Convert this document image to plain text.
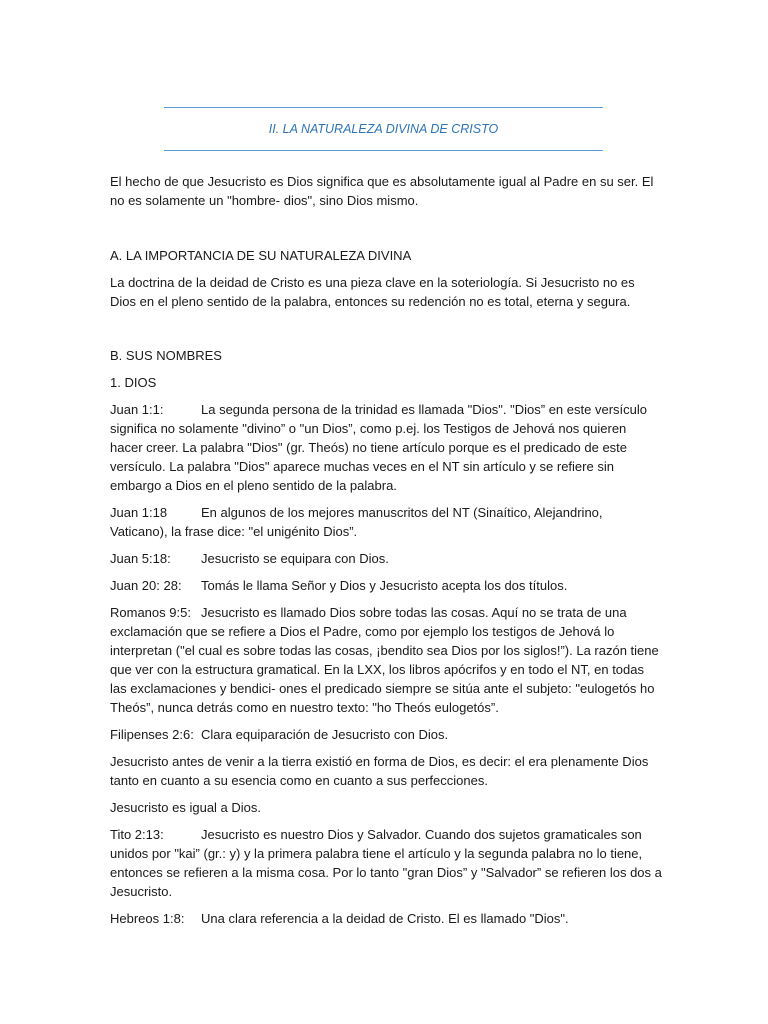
II. LA NATURALEZA DIVINA DE CRISTO

El hecho de que Jesucristo es Dios significa que es absolutamente igual al Padre en su ser. El no es solamente un "hombre- dios", sino Dios mismo.

A. LA IMPORTANCIA DE SU NATURALEZA DIVINA

La doctrina de la deidad de Cristo es una pieza clave en la soteriología. Si Jesucristo no es Dios en el pleno sentido de la palabra, entonces su redención no es total, eterna y segura.

B. SUS NOMBRES

1. DIOS

Juan 1:1:	La segunda persona de la trinidad es llamada "Dios". "Dios” en este versículo significa no solamente "divino” o "un Dios”, como p.ej. los Testigos de Jehová nos quieren hacer creer. La palabra "Dios" (gr. Theós) no tiene artículo porque es el predicado de este versículo. La palabra "Dios" aparece muchas veces en el NT sin artículo y se refiere sin embargo a Dios en el pleno sentido de la palabra.

Juan 1:18	En algunos de los mejores manuscritos del NT (Sinaítico, Alejandrino, Vaticano), la frase dice: "el unigénito Dios”.

Juan 5:18: Jesucristo se equipara con Dios.

Juan 20: 28: Tomás le llama Señor y Dios y Jesucristo acepta los dos títulos.

Romanos 9:5: Jesucristo es llamado Dios sobre todas las cosas. Aquí no se trata de una exclamación que se refiere a Dios el Padre, como por ejemplo los testigos de Jehová lo interpretan ("el cual es sobre todas las cosas, ¡bendito sea Dios por los siglos!”). La razón tiene que ver con la estructura gramatical. En la LXX, los libros apócrifos y en todo el NT, en todas las exclamaciones y bendici- ones el predicado siempre se sitúa ante el subjeto: "eulogetós ho Theós”, nunca detrás como en nuestro texto: "ho Theós eulogetós”.

Filipenses 2:6: Clara equiparación de Jesucristo con Dios.

Jesucristo antes de venir a la tierra existió en forma de Dios, es decir: el era plenamente Dios tanto en cuanto a su esencia como en cuanto a sus perfecciones.

Jesucristo es igual a Dios.

Tito 2:13:	Jesucristo es nuestro Dios y Salvador. Cuando dos sujetos gramaticales son unidos por "kai” (gr.: y) y la primera palabra tiene el artículo y la segunda palabra no lo tiene, entonces se refieren a la misma cosa. Por lo tanto "gran Dios” y "Salvador” se refieren los dos a Jesucristo.

Hebreos 1:8: Una clara referencia a la deidad de Cristo. El es llamado "Dios".
